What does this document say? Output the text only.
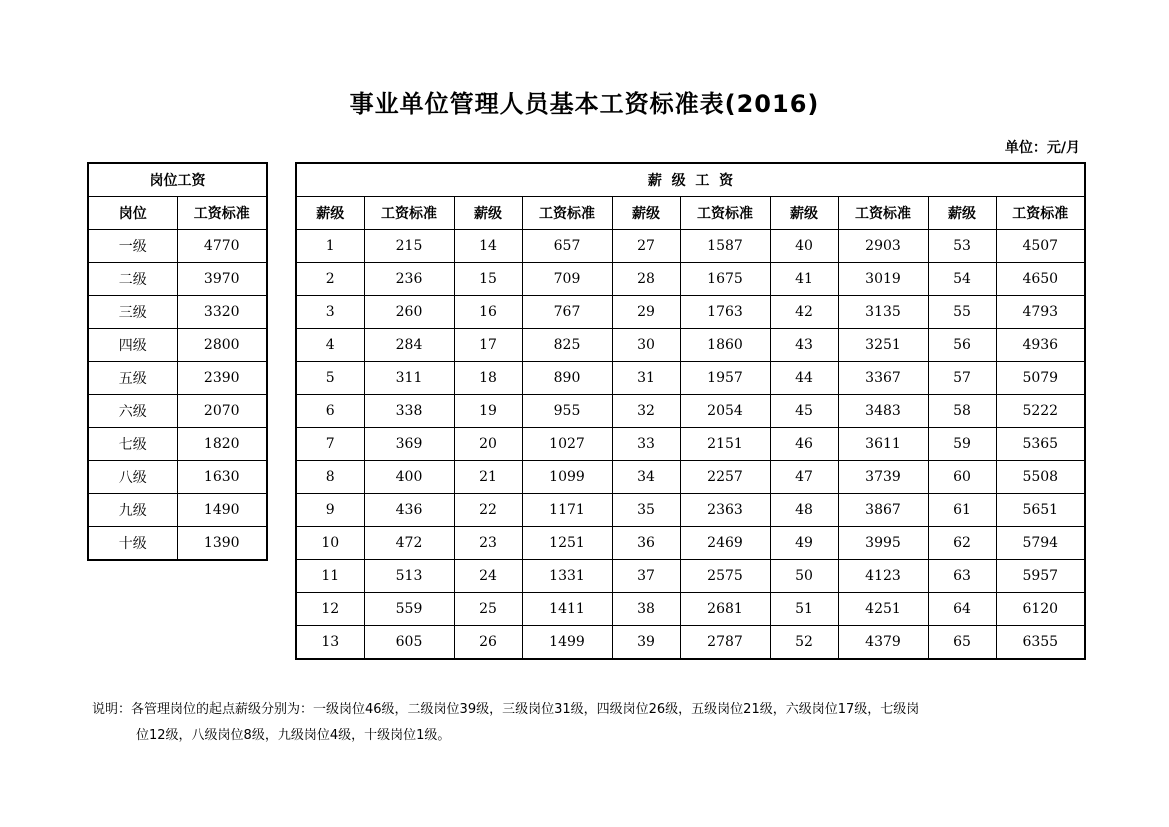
事业单位管理人员基本工资标准表(2016)
单位：元/月
岗位工资	
岗位	工资标准
一级	4770
二级	3970
三级	3320
四级	2800
五级	2390
六级	2070
七级	1820
八级	1630
九级	1490
十级	1390
薪  级  工  资									
薪级	工资标准	薪级	工资标准	薪级	工资标准	薪级	工资标准	薪级	工资标准
1	215	14	657	27	1587	40	2903	53	4507
2	236	15	709	28	1675	41	3019	54	4650
3	260	16	767	29	1763	42	3135	55	4793
4	284	17	825	30	1860	43	3251	56	4936
5	311	18	890	31	1957	44	3367	57	5079
6	338	19	955	32	2054	45	3483	58	5222
7	369	20	1027	33	2151	46	3611	59	5365
8	400	21	1099	34	2257	47	3739	60	5508
9	436	22	1171	35	2363	48	3867	61	5651
10	472	23	1251	36	2469	49	3995	62	5794
11	513	24	1331	37	2575	50	4123	63	5957
12	559	25	1411	38	2681	51	4251	64	6120
13	605	26	1499	39	2787	52	4379	65	6355
说明：各管理岗位的起点薪级分别为：一级岗位46级，二级岗位39级，三级岗位31级，四级岗位26级，五级岗位21级，六级岗位17级，七级岗
位12级，八级岗位8级，九级岗位4级，十级岗位1级。
